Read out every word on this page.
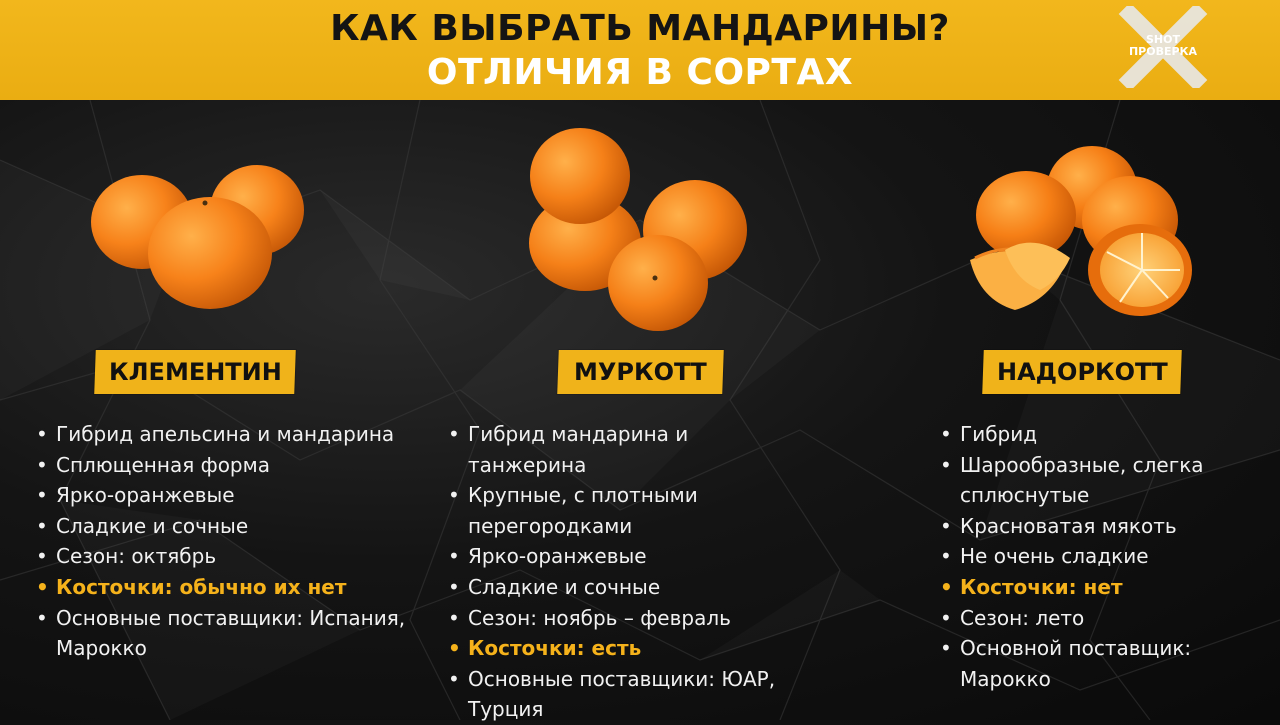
КАК ВЫБРАТЬ МАНДАРИНЫ?
ОТЛИЧИЯ В СОРТАХ
SHOT
ПРОВЕРКА
КЛЕМЕНТИН
• Гибрид апельсина и мандарина
• Сплющенная форма
• Ярко-оранжевые
• Сладкие и сочные
• Сезон: октябрь
• Косточки: обычно их нет
• Основные поставщики: Испания, Марокко
МУРКОТТ
• Гибрид мандарина и танжерина
• Крупные, с плотными перегородками
• Ярко-оранжевые
• Сладкие и сочные
• Сезон: ноябрь – февраль
• Косточки: есть
• Основные поставщики: ЮАР, Турция
НАДОРКОТТ
• Гибрид
• Шарообразные, слегка сплюснутые
• Красноватая мякоть
• Не очень сладкие
• Косточки: нет
• Сезон: лето
• Основной поставщик: Марокко
